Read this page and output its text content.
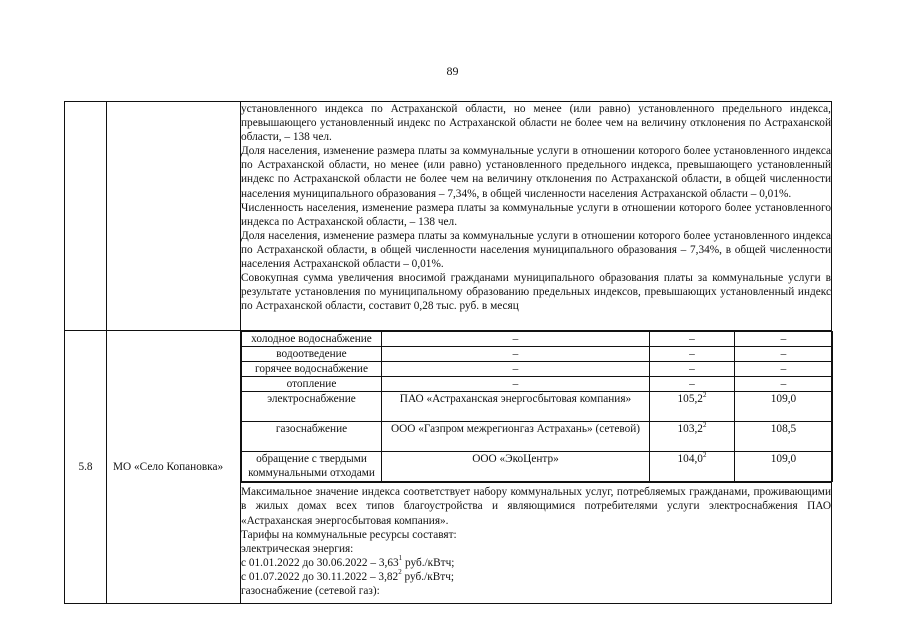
89

установленного индекса по Астраханской области, но менее (или равно) установленного предельного индекса, превышающего установленный индекс по Астраханской области не более чем на величину отклонения по Астраханской области, – 138 чел.

Доля населения, изменение размера платы за коммунальные услуги в отношении которого более установленного индекса по Астраханской области, но менее (или равно) установленного предельного индекса, превышающего установленный индекс по Астраханской области не более чем на величину отклонения по Астраханской области, в общей численности населения муниципального образования – 7,34%, в общей численности населения Астраханской области – 0,01%.

Численность населения, изменение размера платы за коммунальные услуги в отношении которого более установленного индекса по Астраханской области, – 138 чел.

Доля населения, изменение размера платы за коммунальные услуги в отношении которого более установленного индекса по Астраханской области, в общей численности населения муниципального образования – 7,34%, в общей численности населения Астраханской области – 0,01%.

Совокупная сумма увеличения вносимой гражданами муниципального образования платы за коммунальные услуги в результате установления по муниципальному образованию предельных индексов, превышающих установленный индекс по Астраханской области, составит 0,28 тыс. руб. в месяц

5.8	МО «Село Копановка»	
холодное водоснабжение	–	–	–
водоотведение	–	–	–
горячее водоснабжение	–	–	–
отопление	–	–	–
электроснабжение	ПАО «Астраханская энергосбытовая компания»	105,2$^2$	109,0
газоснабжение	ООО «Газпром межрегионгаз Астрахань» (сетевой)	103,2$^2$	108,5
обращение с твердыми коммунальными отходами	ООО «ЭкоЦентр»	104,0$^2$	109,0

Максимальное значение индекса соответствует набору коммунальных услуг, потребляемых гражданами, проживающими в жилых домах всех типов благоустройства и являющимися потребителями услуги электроснабжения ПАО «Астраханская энергосбытовая компания».

Тарифы на коммунальные ресурсы составят:

электрическая энергия:

с 01.01.2022 до 30.06.2022 – 3,63$^1$ руб./кВтч;

с 01.07.2022 до 30.11.2022 – 3,82$^2$ руб./кВтч;

газоснабжение (сетевой газ):
